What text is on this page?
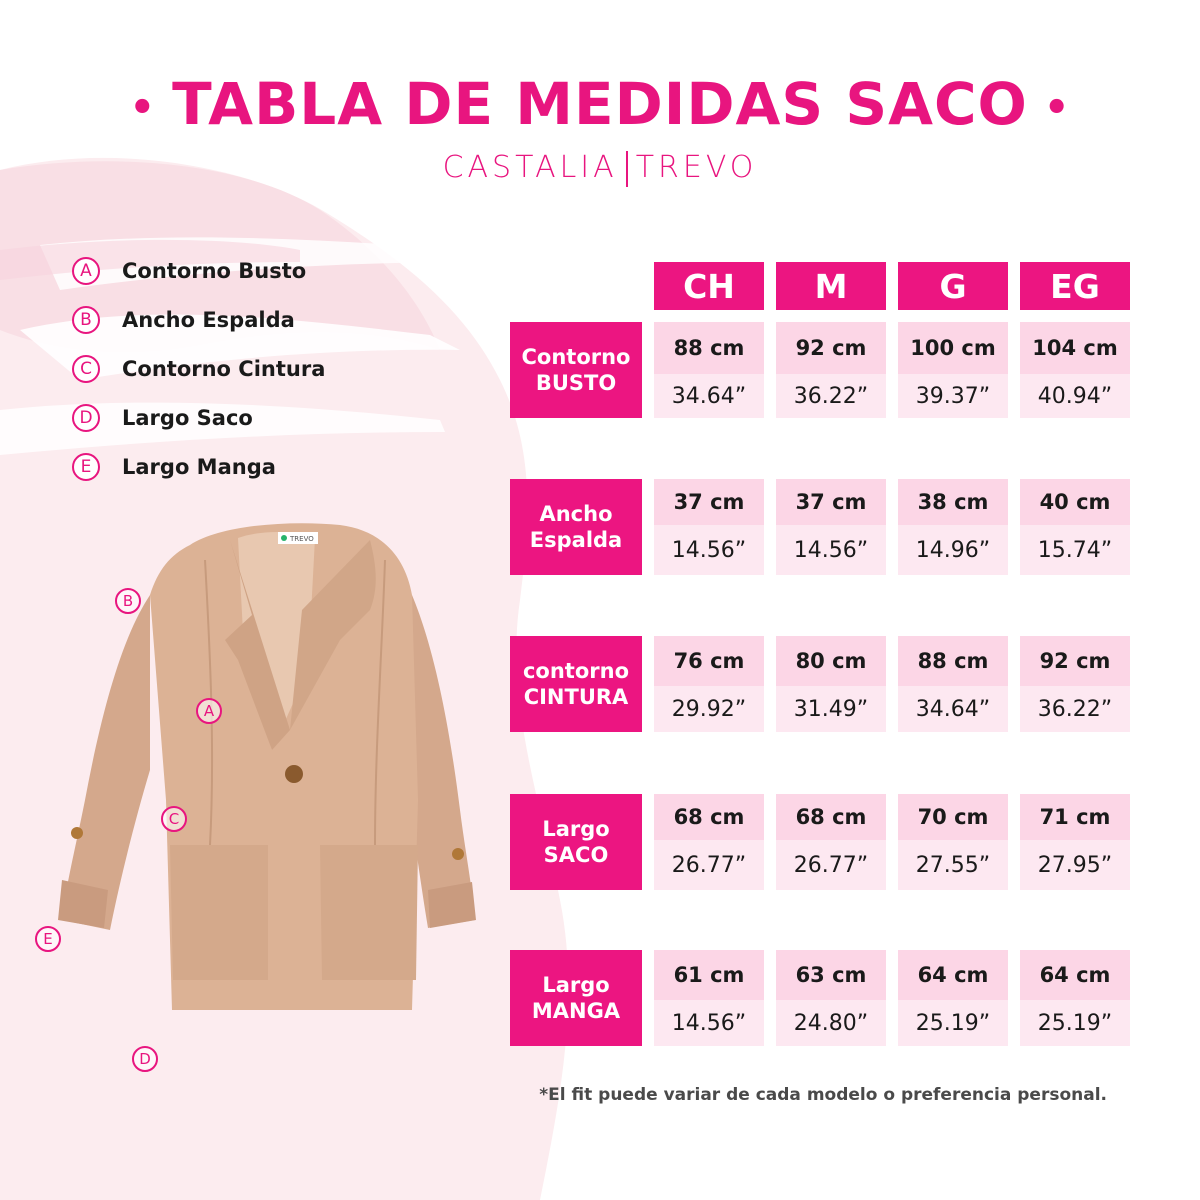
• TABLA DE MEDIDAS SACO •
CASTALIA TREVO
A	Contorno Busto
B	Ancho Espalda
C	Contorno Cintura
D	Largo Saco
E	Largo Manga
TREVO
A
B
C
D
E
CH	M	G	EG
Contorno
BUSTO
88 cm	92 cm	100 cm	104 cm
34.64”	36.22”	39.37”	40.94”
Ancho
Espalda
37 cm	37 cm	38 cm	40 cm
14.56”	14.56”	14.96”	15.74”
contorno
CINTURA
76 cm	80 cm	88 cm	92 cm
29.92”	31.49”	34.64”	36.22”
Largo
SACO
68 cm	68 cm	70 cm	71 cm
26.77”	26.77”	27.55”	27.95”
Largo
MANGA
61 cm	63 cm	64 cm	64 cm
14.56”	24.80”	25.19”	25.19”
*El fit puede variar de cada modelo o preferencia personal.
